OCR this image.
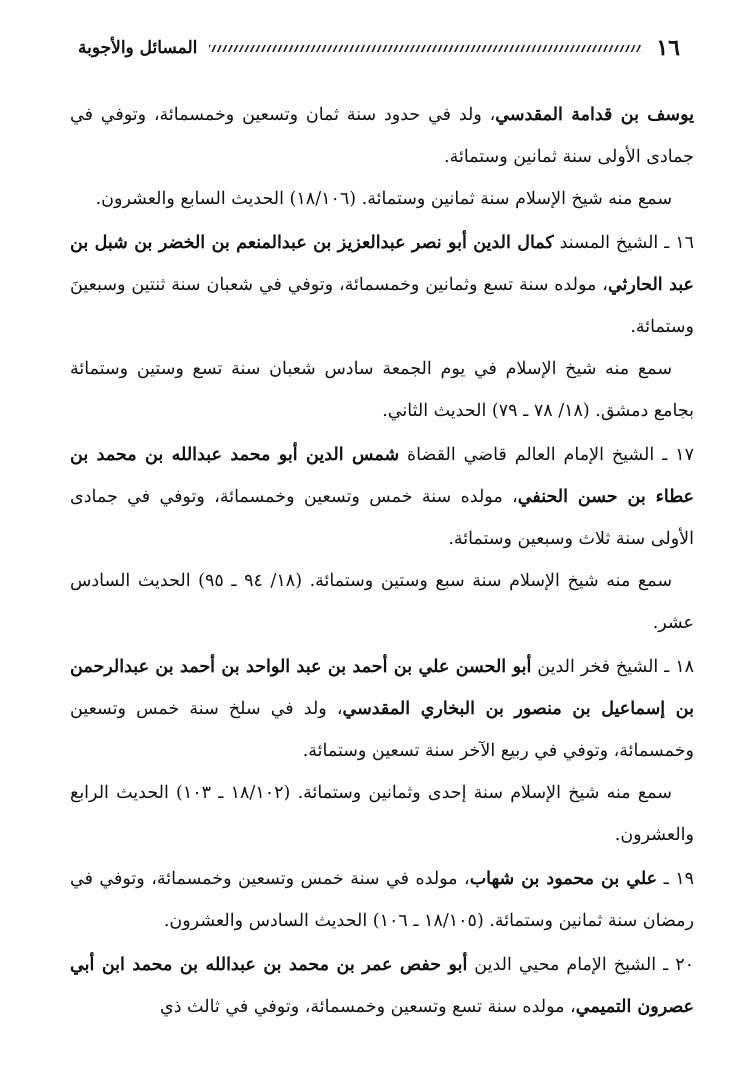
١٦
المسائل والأجوبة

يوسف بن قدامة المقدسي، ولد في حدود سنة ثمان وتسعين وخمسمائة، وتوفي في جمادى الأولى سنة ثمانين وستمائة.

سمع منه شيخ الإسلام سنة ثمانين وستمائة. (١٨/١٠٦) الحديث السابع والعشرون.

١٦ ـ الشيخ المسند كمال الدين أبو نصر عبدالعزيز بن عبدالمنعم بن الخضر بن شبل بن عبد الحارثي، مولده سنة تسع وثمانين وخمسمائة، وتوفي في شعبان سنة ثنتين وسبعينَ وستمائة.

سمع منه شيخ الإسلام في يوم الجمعة سادس شعبان سنة تسع وستين وستمائة بجامع دمشق. (١٨/ ٧٨ ـ ٧٩) الحديث الثاني.

١٧ ـ الشيخ الإمام العالم قاضي القضاة شمس الدين أبو محمد عبدالله بن محمد بن عطاء بن حسن الحنفي، مولده سنة خمس وتسعين وخمسمائة، وتوفي في جمادى الأولى سنة ثلاث وسبعين وستمائة.

سمع منه شيخ الإسلام سنة سبع وستين وستمائة. (١٨/ ٩٤ ـ ٩٥) الحديث السادس عشر.

١٨ ـ الشيخ فخر الدين أبو الحسن علي بن أحمد بن عبد الواحد بن أحمد بن عبدالرحمن بن إسماعيل بن منصور بن البخاري المقدسي، ولد في سلخ سنة خمس وتسعين وخمسمائة، وتوفي في ربيع الآخر سنة تسعين وستمائة.

سمع منه شيخ الإسلام سنة إحدى وثمانين وستمائة. (١٨/١٠٢ ـ ١٠٣) الحديث الرابع والعشرون.

١٩ ـ علي بن محمود بن شهاب، مولده في سنة خمس وتسعين وخمسمائة، وتوفي في رمضان سنة ثمانين وستمائة. (١٨/١٠٥ ـ ١٠٦) الحديث السادس والعشرون.

٢٠ ـ الشيخ الإمام محيي الدين أبو حفص عمر بن محمد بن عبدالله بن محمد ابن أبي عصرون التميمي، مولده سنة تسع وتسعين وخمسمائة، وتوفي في ثالث ذي
